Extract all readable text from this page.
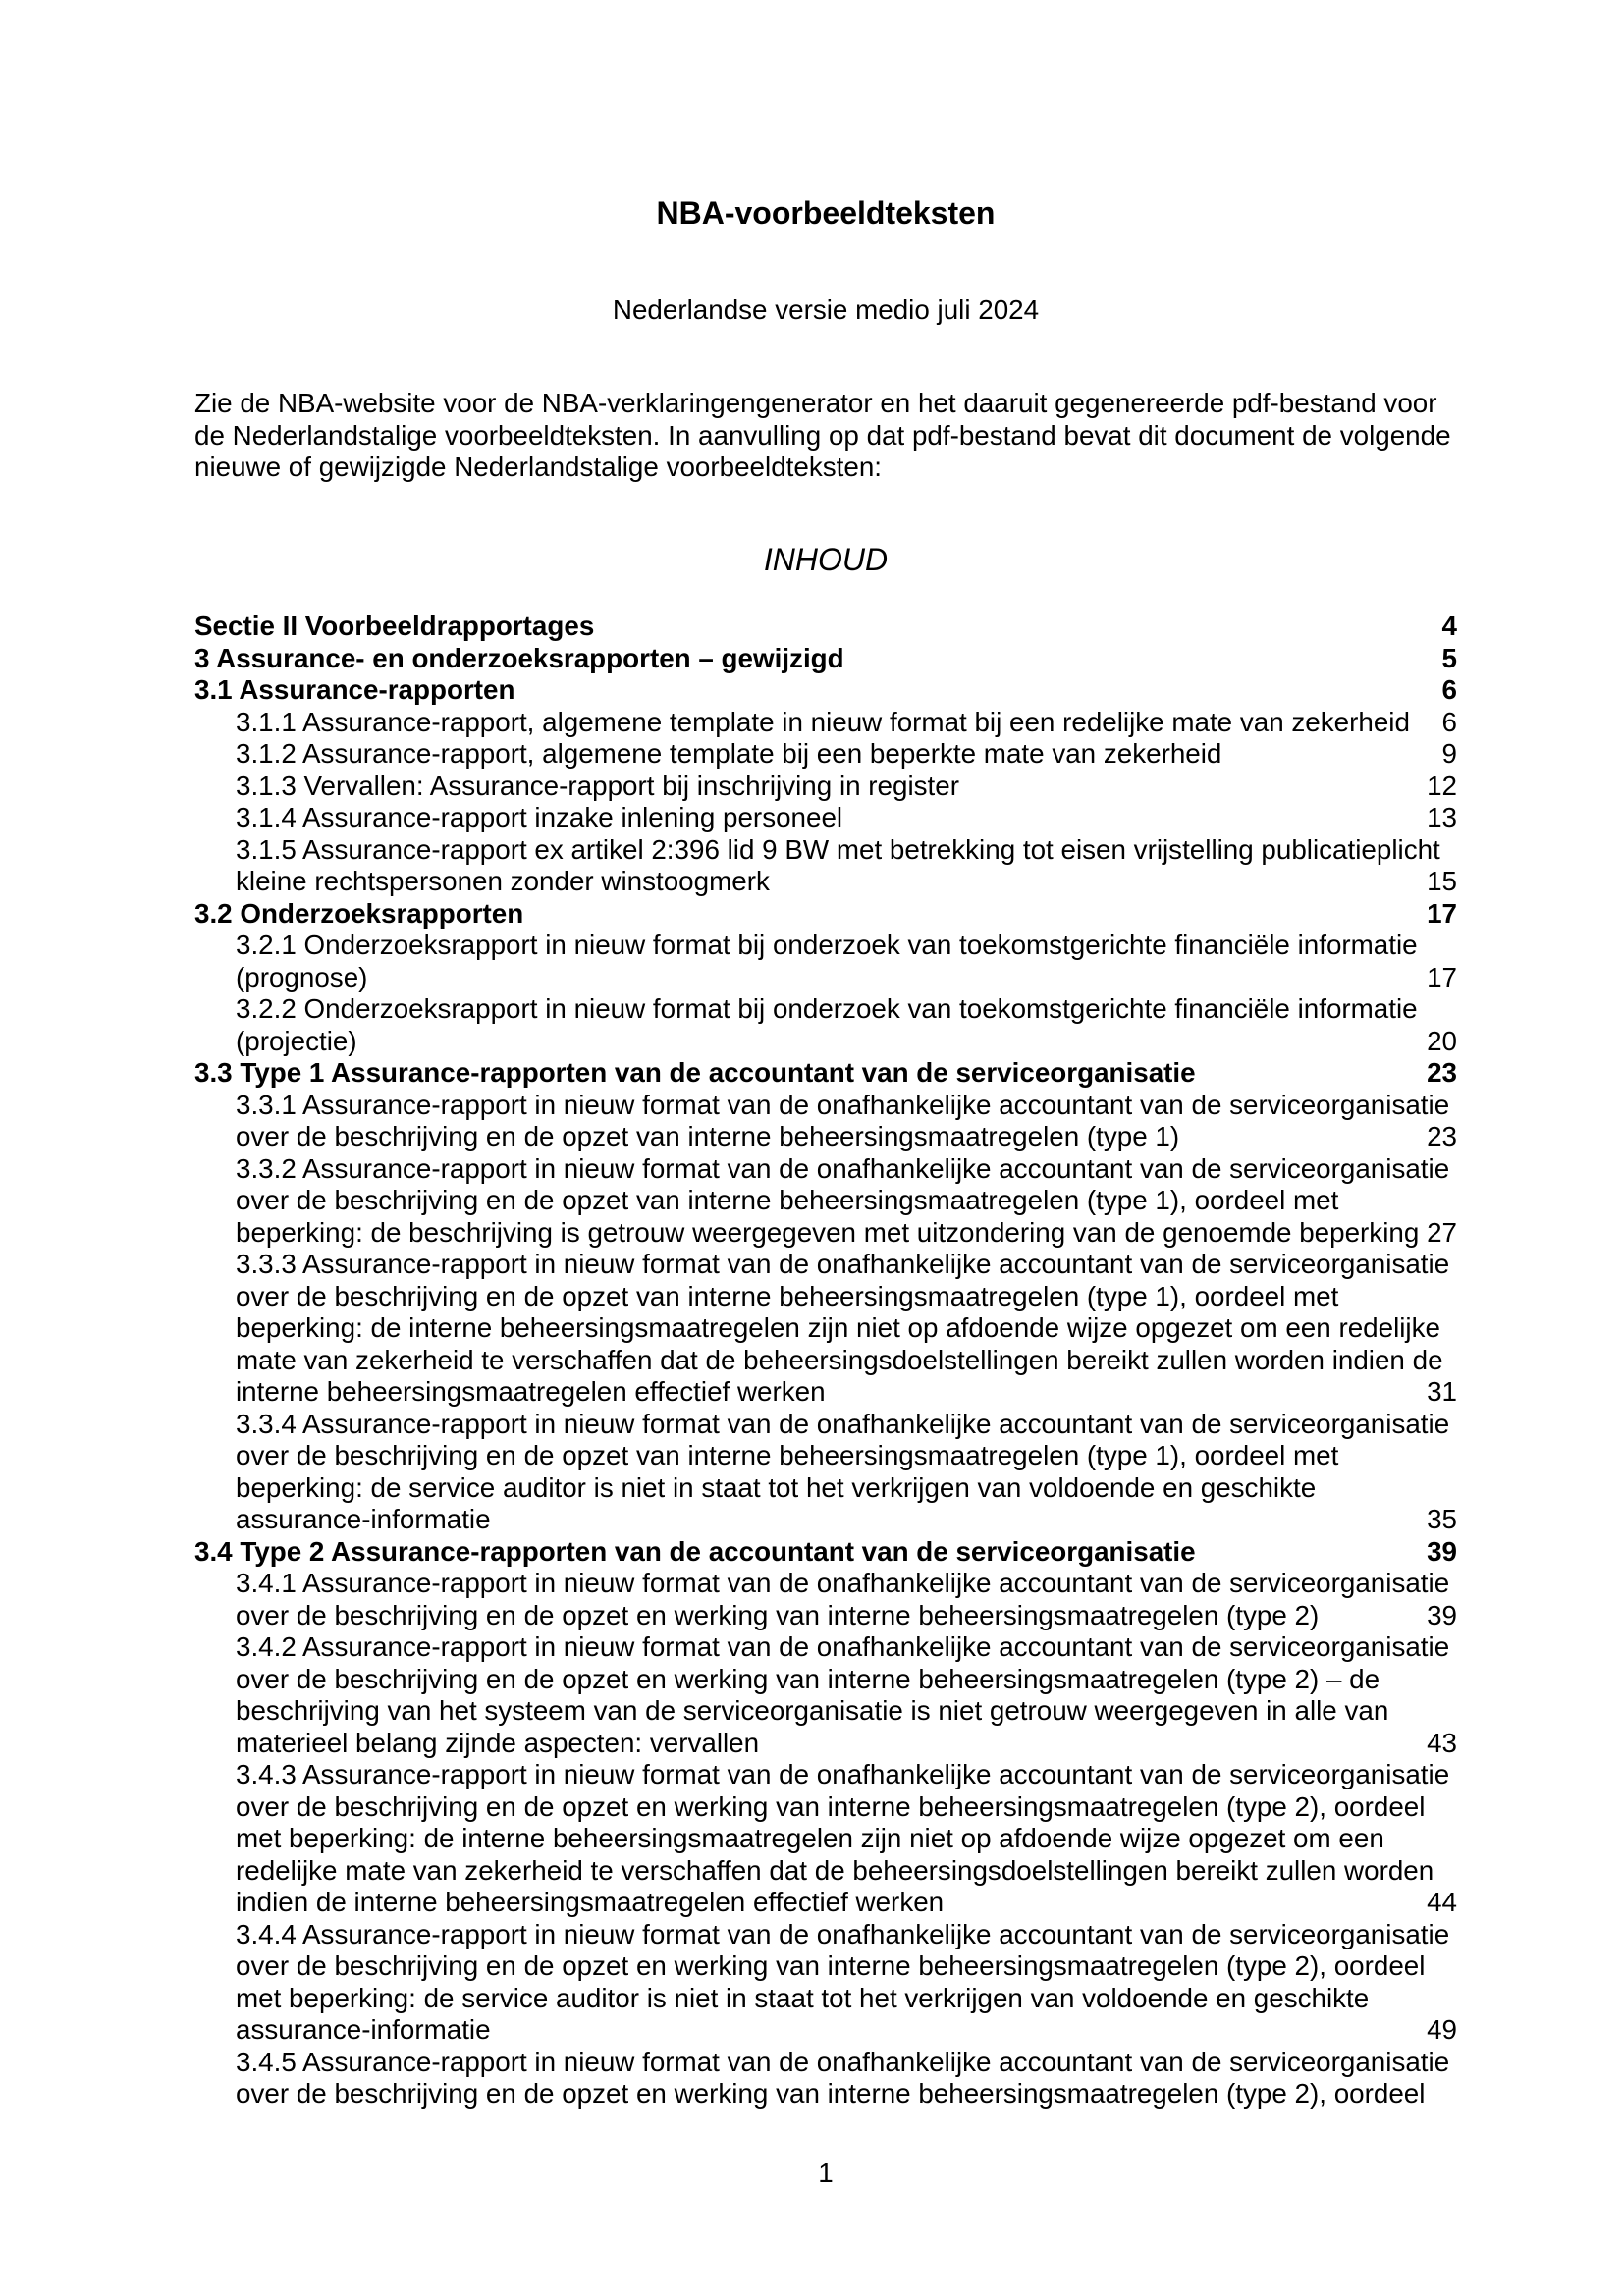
NBA-voorbeeldteksten
Nederlandse versie medio juli 2024

Zie de NBA-website voor de NBA-verklaringengenerator en het daaruit gegenereerde pdf-bestand voor de Nederlandstalige voorbeeldteksten. In aanvulling op dat pdf-bestand bevat dit document de volgende nieuwe of gewijzigde Nederlandstalige voorbeeldteksten:

INHOUD
Sectie II Voorbeeldrapportages	4
3 Assurance- en onderzoeksrapporten – gewijzigd	5
3.1 Assurance-rapporten	6
3.1.1 Assurance-rapport, algemene template in nieuw format bij een redelijke mate van zekerheid	6
3.1.2 Assurance-rapport, algemene template bij een beperkte mate van zekerheid	9
3.1.3 Vervallen: Assurance-rapport bij inschrijving in register	12
3.1.4 Assurance-rapport inzake inlening personeel	13
3.1.5 Assurance-rapport ex artikel 2:396 lid 9 BW met betrekking tot eisen vrijstelling publicatieplicht kleine rechtspersonen zonder winstoogmerk	15
3.2 Onderzoeksrapporten	17
3.2.1 Onderzoeksrapport in nieuw format bij onderzoek van toekomstgerichte financiële informatie (prognose)	17
3.2.2 Onderzoeksrapport in nieuw format bij onderzoek van toekomstgerichte financiële informatie (projectie)	20
3.3 Type 1 Assurance-rapporten van de accountant van de serviceorganisatie	23
3.3.1 Assurance-rapport in nieuw format van de onafhankelijke accountant van de serviceorganisatie over de beschrijving en de opzet van interne beheersingsmaatregelen (type 1)	23
3.3.2 Assurance-rapport in nieuw format van de onafhankelijke accountant van de serviceorganisatie over de beschrijving en de opzet van interne beheersingsmaatregelen (type 1), oordeel met beperking: de beschrijving is getrouw weergegeven met uitzondering van de genoemde beperking 27
3.3.3 Assurance-rapport in nieuw format van de onafhankelijke accountant van de serviceorganisatie over de beschrijving en de opzet van interne beheersingsmaatregelen (type 1), oordeel met beperking: de interne beheersingsmaatregelen zijn niet op afdoende wijze opgezet om een redelijke mate van zekerheid te verschaffen dat de beheersingsdoelstellingen bereikt zullen worden indien de interne beheersingsmaatregelen effectief werken	31
3.3.4 Assurance-rapport in nieuw format van de onafhankelijke accountant van de serviceorganisatie over de beschrijving en de opzet van interne beheersingsmaatregelen (type 1), oordeel met beperking: de service auditor is niet in staat tot het verkrijgen van voldoende en geschikte assurance-informatie	35
3.4 Type 2 Assurance-rapporten van de accountant van de serviceorganisatie	39
3.4.1 Assurance-rapport in nieuw format van de onafhankelijke accountant van de serviceorganisatie over de beschrijving en de opzet en werking van interne beheersingsmaatregelen (type 2)	39
3.4.2 Assurance-rapport in nieuw format van de onafhankelijke accountant van de serviceorganisatie over de beschrijving en de opzet en werking van interne beheersingsmaatregelen (type 2) – de beschrijving van het systeem van de serviceorganisatie is niet getrouw weergegeven in alle van materieel belang zijnde aspecten: vervallen	43
3.4.3 Assurance-rapport in nieuw format van de onafhankelijke accountant van de serviceorganisatie over de beschrijving en de opzet en werking van interne beheersingsmaatregelen (type 2), oordeel met beperking: de interne beheersingsmaatregelen zijn niet op afdoende wijze opgezet om een redelijke mate van zekerheid te verschaffen dat de beheersingsdoelstellingen bereikt zullen worden indien de interne beheersingsmaatregelen effectief werken	44
3.4.4 Assurance-rapport in nieuw format van de onafhankelijke accountant van de serviceorganisatie over de beschrijving en de opzet en werking van interne beheersingsmaatregelen (type 2), oordeel met beperking: de service auditor is niet in staat tot het verkrijgen van voldoende en geschikte assurance-informatie	49
3.4.5 Assurance-rapport in nieuw format van de onafhankelijke accountant van de serviceorganisatie over de beschrijving en de opzet en werking van interne beheersingsmaatregelen (type 2), oordeel
1
